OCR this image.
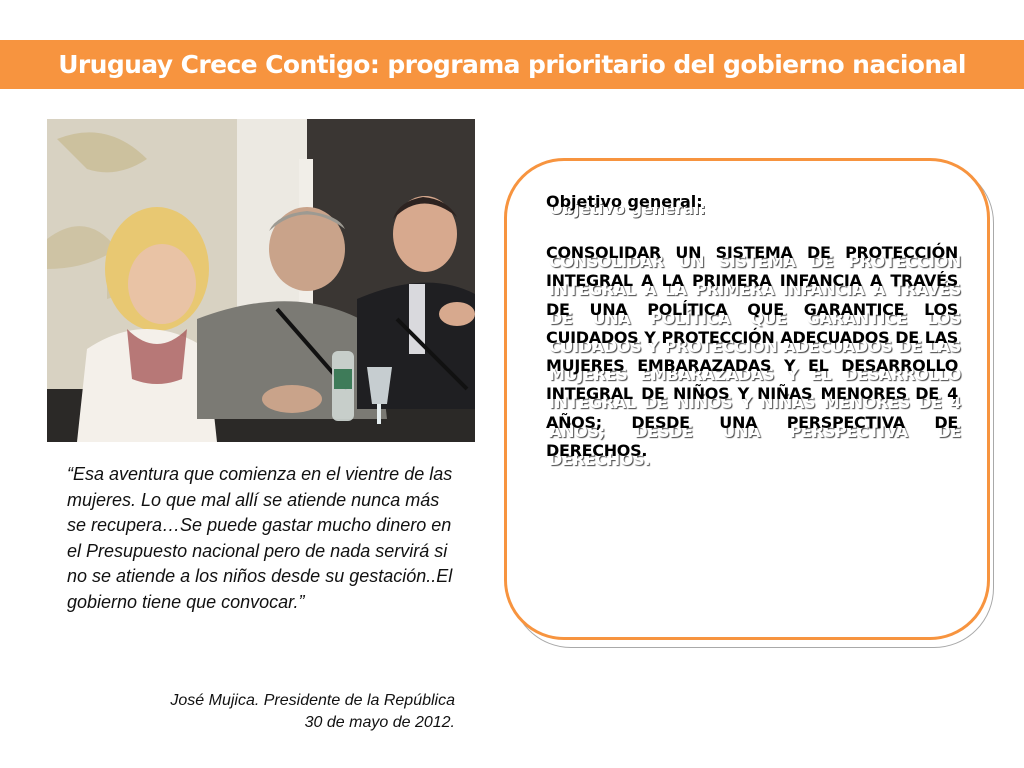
Uruguay Crece Contigo: programa prioritario del gobierno nacional
“Esa aventura que comienza en el vientre de las mujeres. Lo que mal allí se atiende nunca más se recupera…Se puede gastar mucho dinero en el Presupuesto nacional pero de nada servirá si no se atiende a los niños desde su gestación..El gobierno tiene que convocar.”
José Mujica. Presidente de la República
30 de mayo de 2012.

Objetivo general:

CONSOLIDAR UN SISTEMA DE PROTECCIÓN INTEGRAL A LA PRIMERA INFANCIA A TRAVÉS DE UNA POLÍTICA QUE GARANTICE LOS CUIDADOS Y PROTECCIÓN ADECUADOS DE LAS MUJERES EMBARAZADAS Y EL DESARROLLO INTEGRAL DE NIÑOS Y NIÑAS MENORES DE 4 AÑOS; DESDE UNA PERSPECTIVA DE DERECHOS.
